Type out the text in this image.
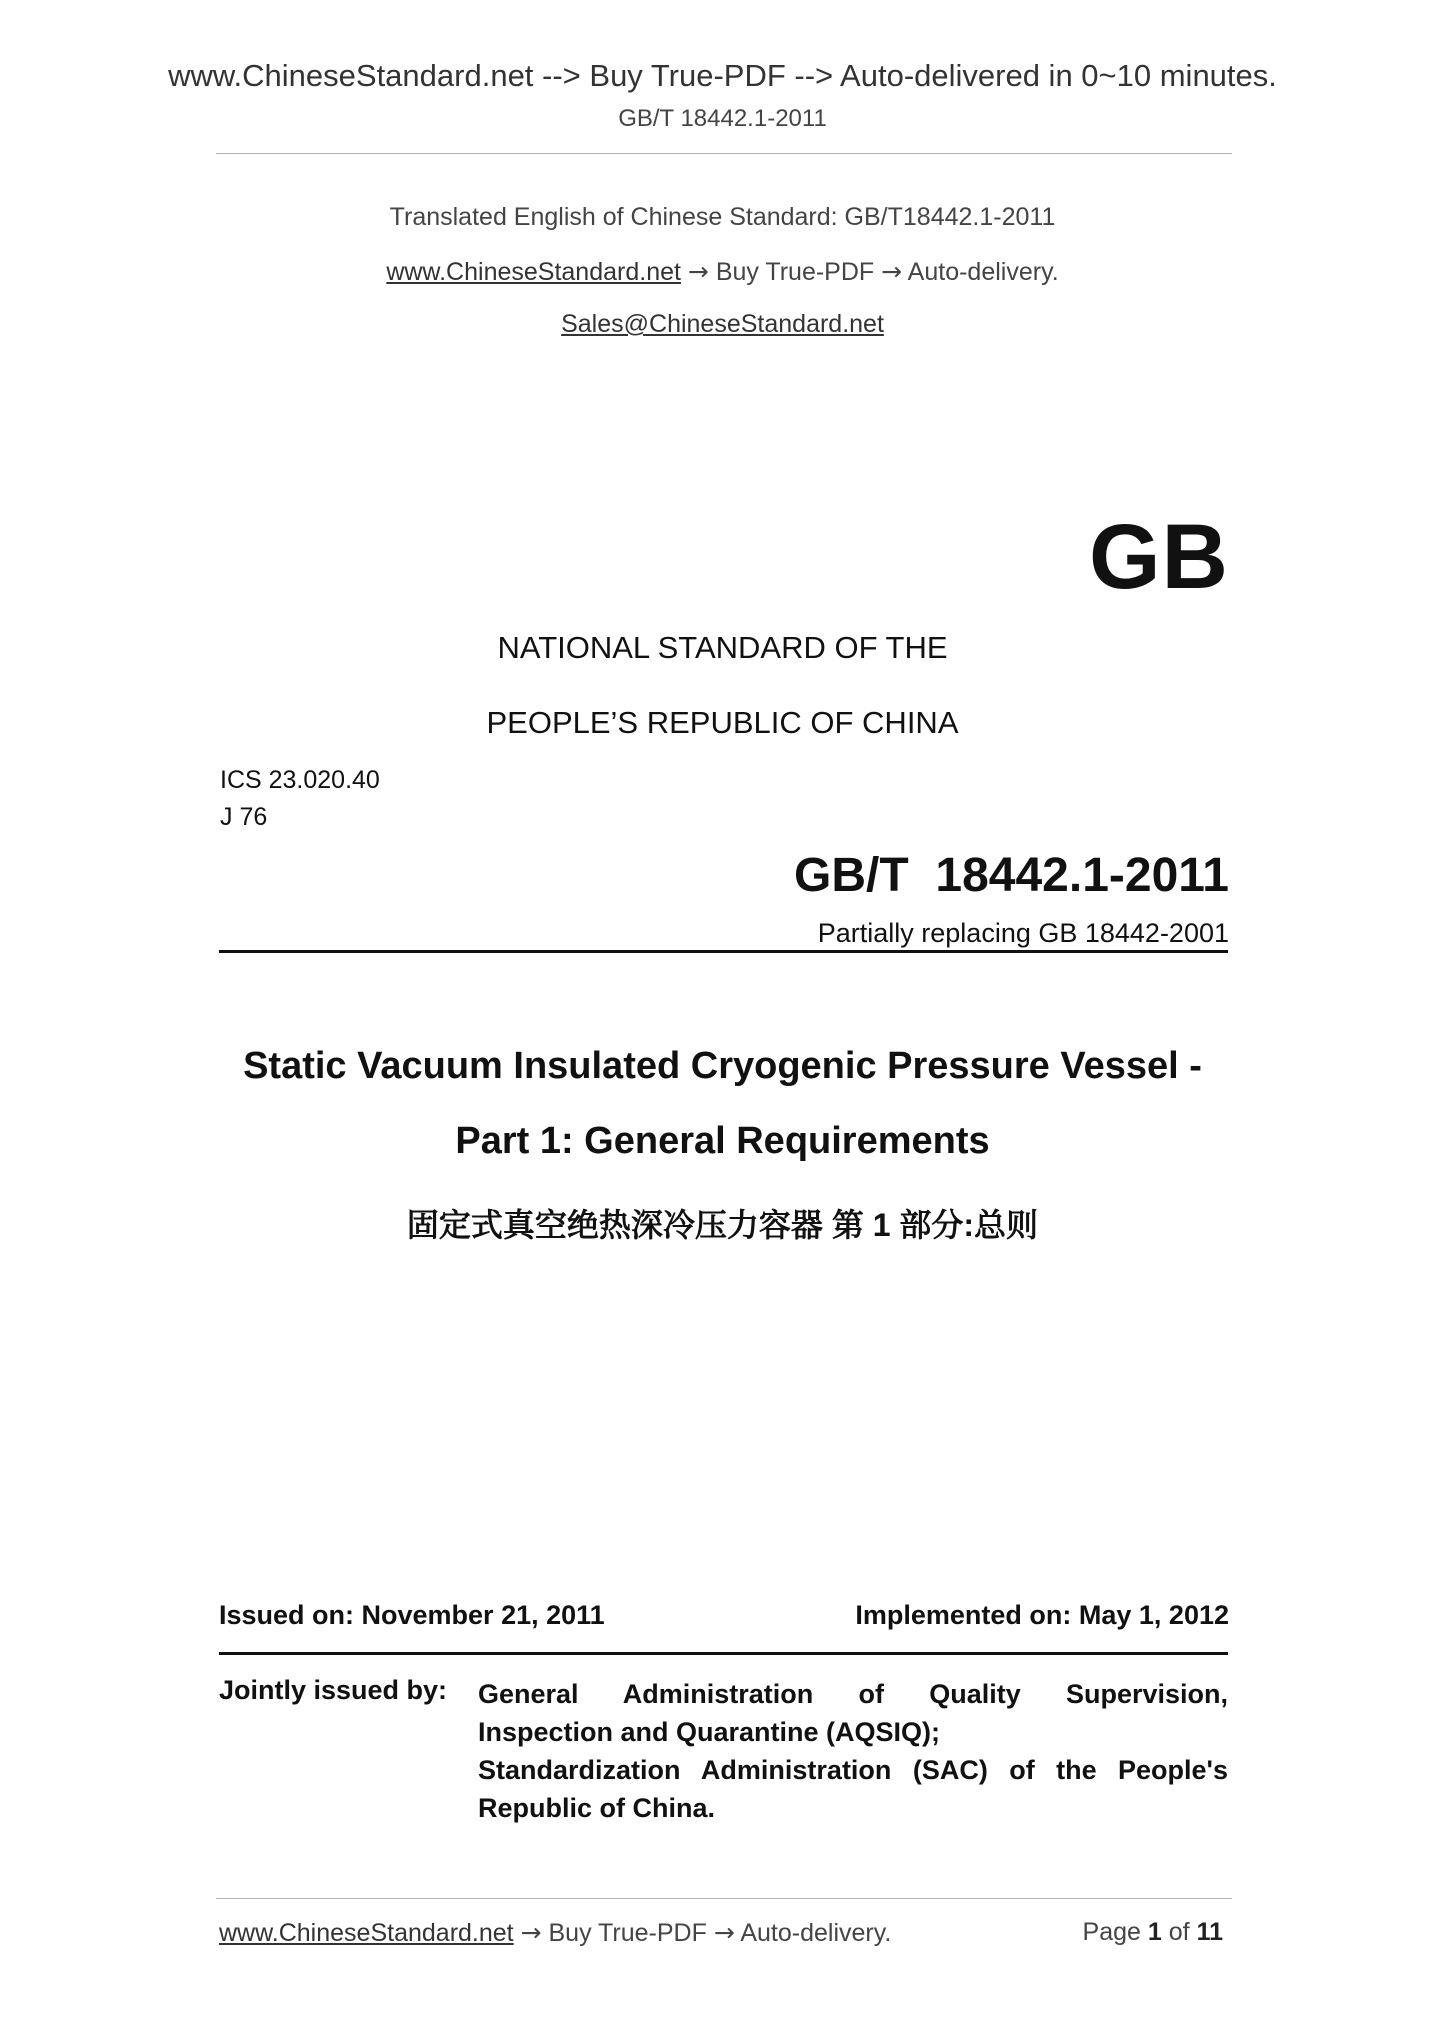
www.ChineseStandard.net --> Buy True-PDF --> Auto-delivered in 0~10 minutes.
GB/T 18442.1-2011
Translated English of Chinese Standard: GB/T18442.1-2011
www.ChineseStandard.net → Buy True-PDF → Auto-delivery.
Sales@ChineseStandard.net
GB
NATIONAL STANDARD OF THE
PEOPLE’S REPUBLIC OF CHINA
ICS 23.020.40
J 76
GB/T  18442.1-2011
Partially replacing GB 18442-2001
Static Vacuum Insulated Cryogenic Pressure Vessel -
Part 1: General Requirements
固定式真空绝热深冷压力容器 第 1 部分:总则
Issued on: November 21, 2011	Implemented on: May 1, 2012
Jointly issued by: General Administration of Quality Supervision,
Inspection and Quarantine (AQSIQ);
Standardization Administration (SAC) of the People's
Republic of China.
www.ChineseStandard.net → Buy True-PDF → Auto-delivery.	Page 1 of 11
